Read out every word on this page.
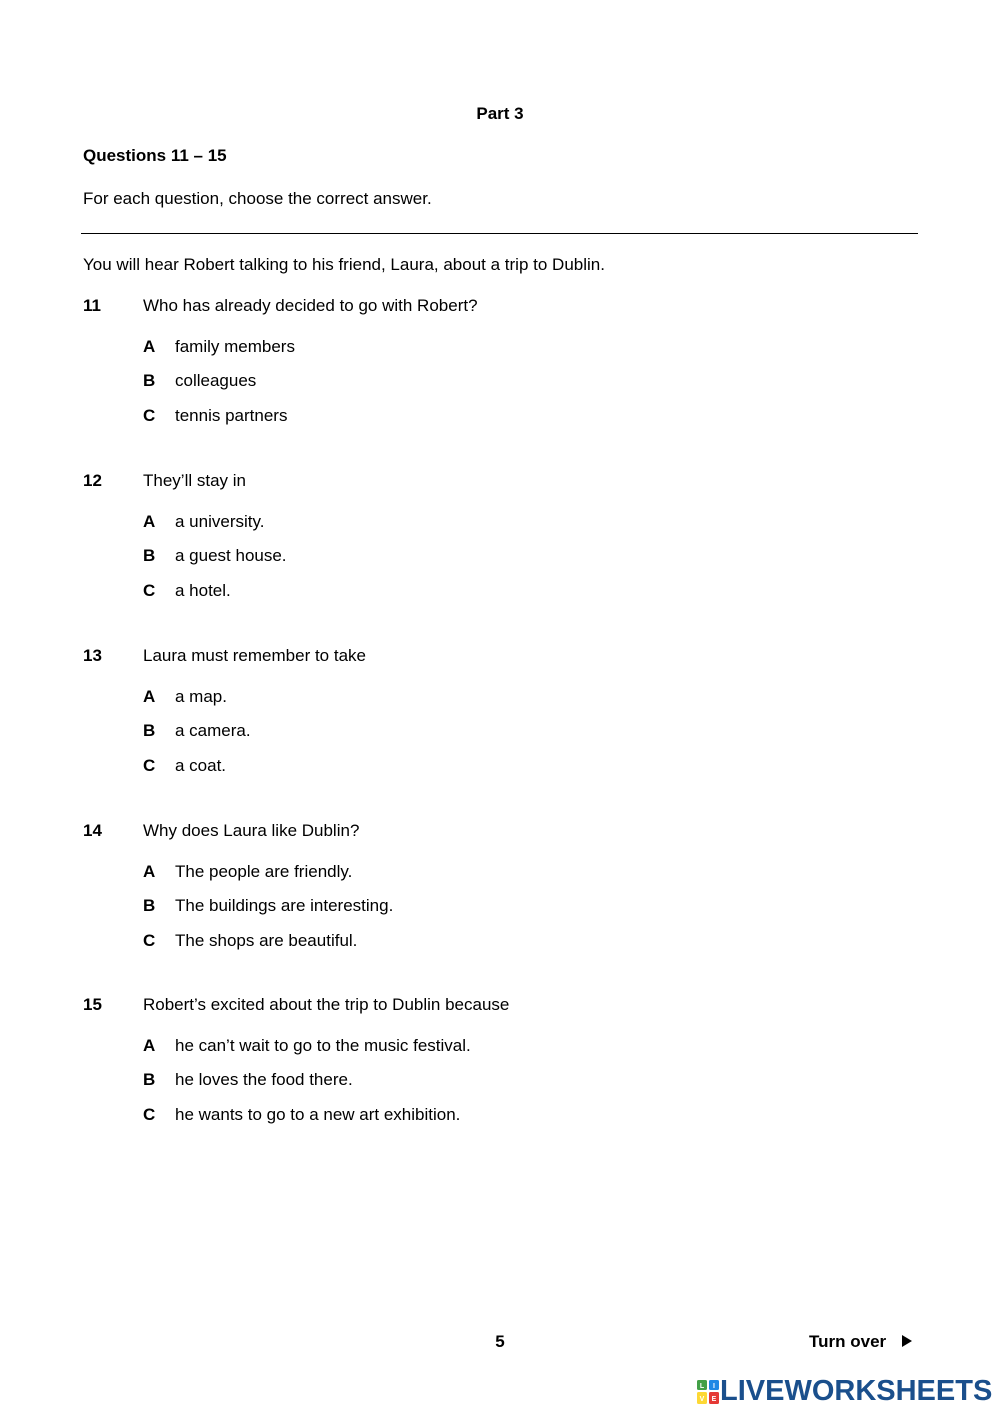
Part 3
Questions 11 – 15
For each question, choose the correct answer.
You will hear Robert talking to his friend, Laura, about a trip to Dublin.
11 Who has already decided to go with Robert?
A family members
B colleagues
C tennis partners
12 They’ll stay in
A a university.
B a guest house.
C a hotel.
13 Laura must remember to take
A a map.
B a camera.
C a coat.
14 Why does Laura like Dublin?
A The people are friendly.
B The buildings are interesting.
C The shops are beautiful.
15 Robert’s excited about the trip to Dublin because
A he can’t wait to go to the music festival.
B he loves the food there.
C he wants to go to a new art exhibition.
5	Turn over
L I
V E LIVEWORKSHEETS
